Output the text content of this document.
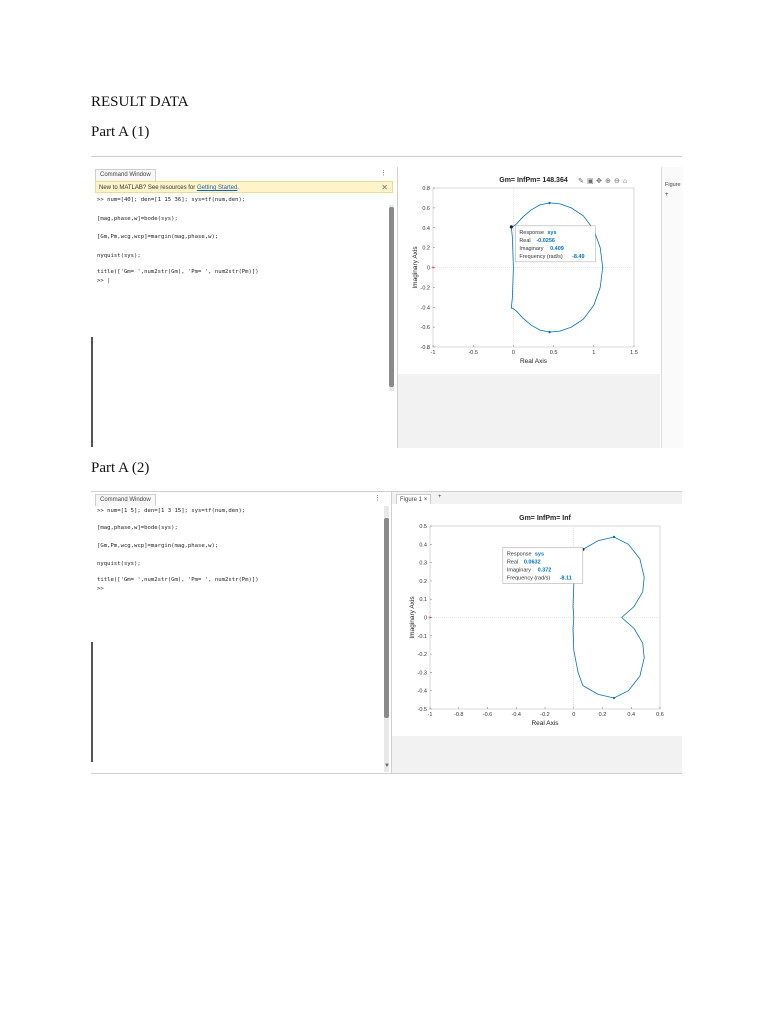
RESULT DATA
Part A (1)
Command Window	⋮
New to MATLAB? See resources for Getting Started.	✕
>> num=[40]; den=[1 15 36]; sys=tf(num,den);
[mag,phase,w]=bode(sys);
[Gm,Pm,wcg,wcp]=margin(mag,phase,w);
nyquist(sys);
title(['Gm= ',num2str(Gm), 'Pm= ', num2str(Pm)])
>> |
Gm= InfPm= 148.364
-1	-0.5	0	0.5	1	1.5
0.8
0.6
0.4
0.2
0
-0.2
-0.4
-0.6
-0.8
Real Axis
Imaginary Axis +
Response sys
Real -0.0256
Imaginary 0.409
Frequency (rad/s) -8.49
✎ ▣ ✥ ⊕ ⊖ ⌂	Figure
+
Part A (2)
Command Window	⋮
>> num=[1 5]; den=[1 3 15]; sys=tf(num,den);
[mag,phase,w]=bode(sys);
[Gm,Pm,wcg,wcp]=margin(mag,phase,w);
nyquist(sys);
title(['Gm= ',num2str(Gm), 'Pm= ', num2str(Pm)])
>>
▼
Figure 1 ×	+
Gm= InfPm= Inf
-1	-0.8	-0.6	-0.4	-0.2	0	0.2	0.4	0.6
0.5
0.4
0.3
0.2
0.1
0
-0.1
-0.2
-0.3
-0.4
-0.5
Real Axis
Imaginary Axis +
Response sys
Real 0.0632
Imaginary 0.372
Frequency (rad/s) -8.11
